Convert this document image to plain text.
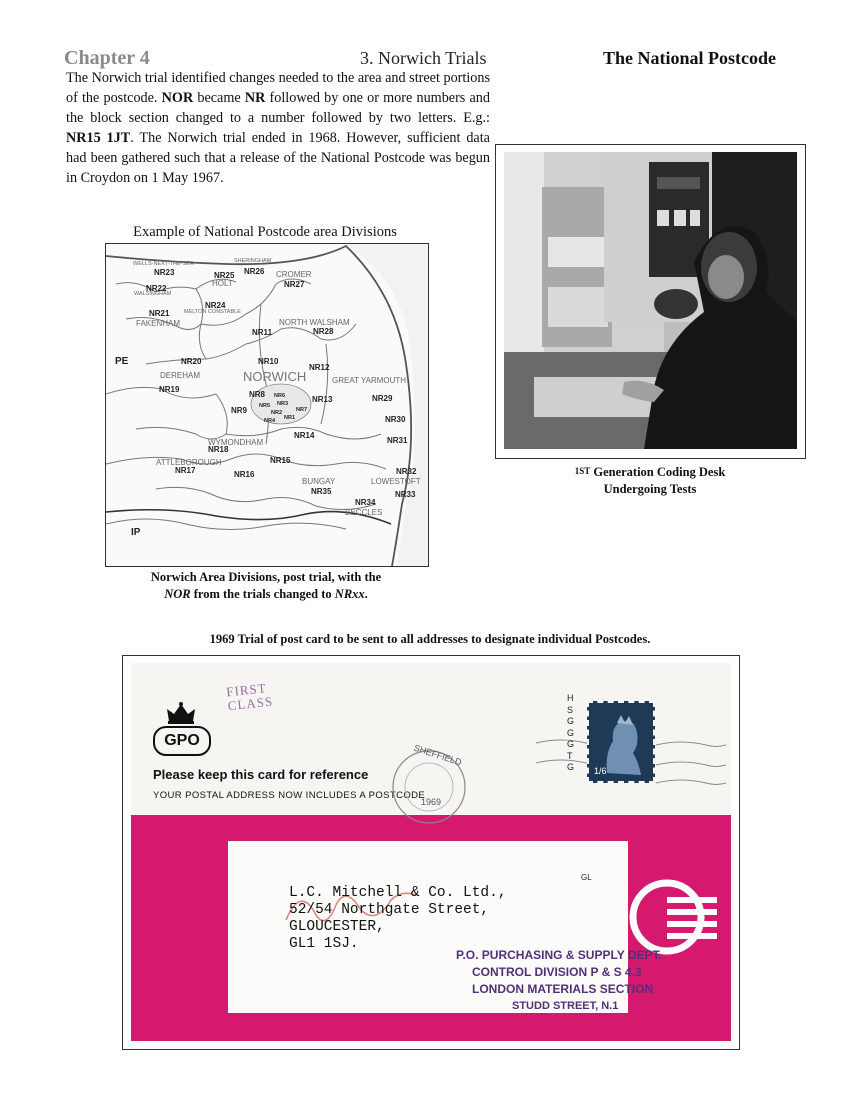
Chapter 4	3. Norwich Trials	The National Postcode
The Norwich trial identified changes needed to the area and street portions of the postcode. NOR became NR followed by one or more numbers and the block section changed to a number followed by two letters. E.g.: NR15 1JT. The Norwich trial ended in 1968. However, sufficient data had been gathered such that a release of the National Postcode was begun in Croydon on 1 May 1967.
Example of National Postcode area Divisions
WELLS-NEXT-THE-SEA	SHERINGHAM
CROMER
HOLT
WALSINGHAM
MELTON CONSTABLE
FAKENHAM	NORTH WALSHAM
DEREHAM	NORWICH	GREAT YARMOUTH
WYMONDHAM
ATTLEBOROUGH
BUNGAY	LOWESTOFT
BECCLES
NR23	NR26
NR25
NR27
NR22
NR24
NR21
NR28
NR11
NR20	NR10
NR12
NR19
NR8 NR6
NR3
NR5
NR2	NR7
NR4 NR1
NR9
NR13	NR29
NR30
NR14
NR31
NR18
NR15
NR17	NR16	NR32
NR35	NR33
NR34
PE
IP
Norwich Area Divisions, post trial, with the
NOR from the trials changed to NRxx.
1ST Generation Coding Desk
Undergoing Tests
1969 Trial of post card to be sent to all addresses to designate individual Postcodes.
FIRST
CLASS
GPO
Please keep this card for reference
YOUR POSTAL ADDRESS NOW INCLUDES A POSTCODE
SHEFFIELD
1969
H
S
G
G
G
T
G 1/6
GL
L.C. Mitchell & Co. Ltd.,
52/54 Northgate Street,
GLOUCESTER,
GL1 1SJ.
P.O. PURCHASING & SUPPLY DEPT.
CONTROL DIVISION P & S 4.3
LONDON MATERIALS SECTION
STUDD STREET, N.1
